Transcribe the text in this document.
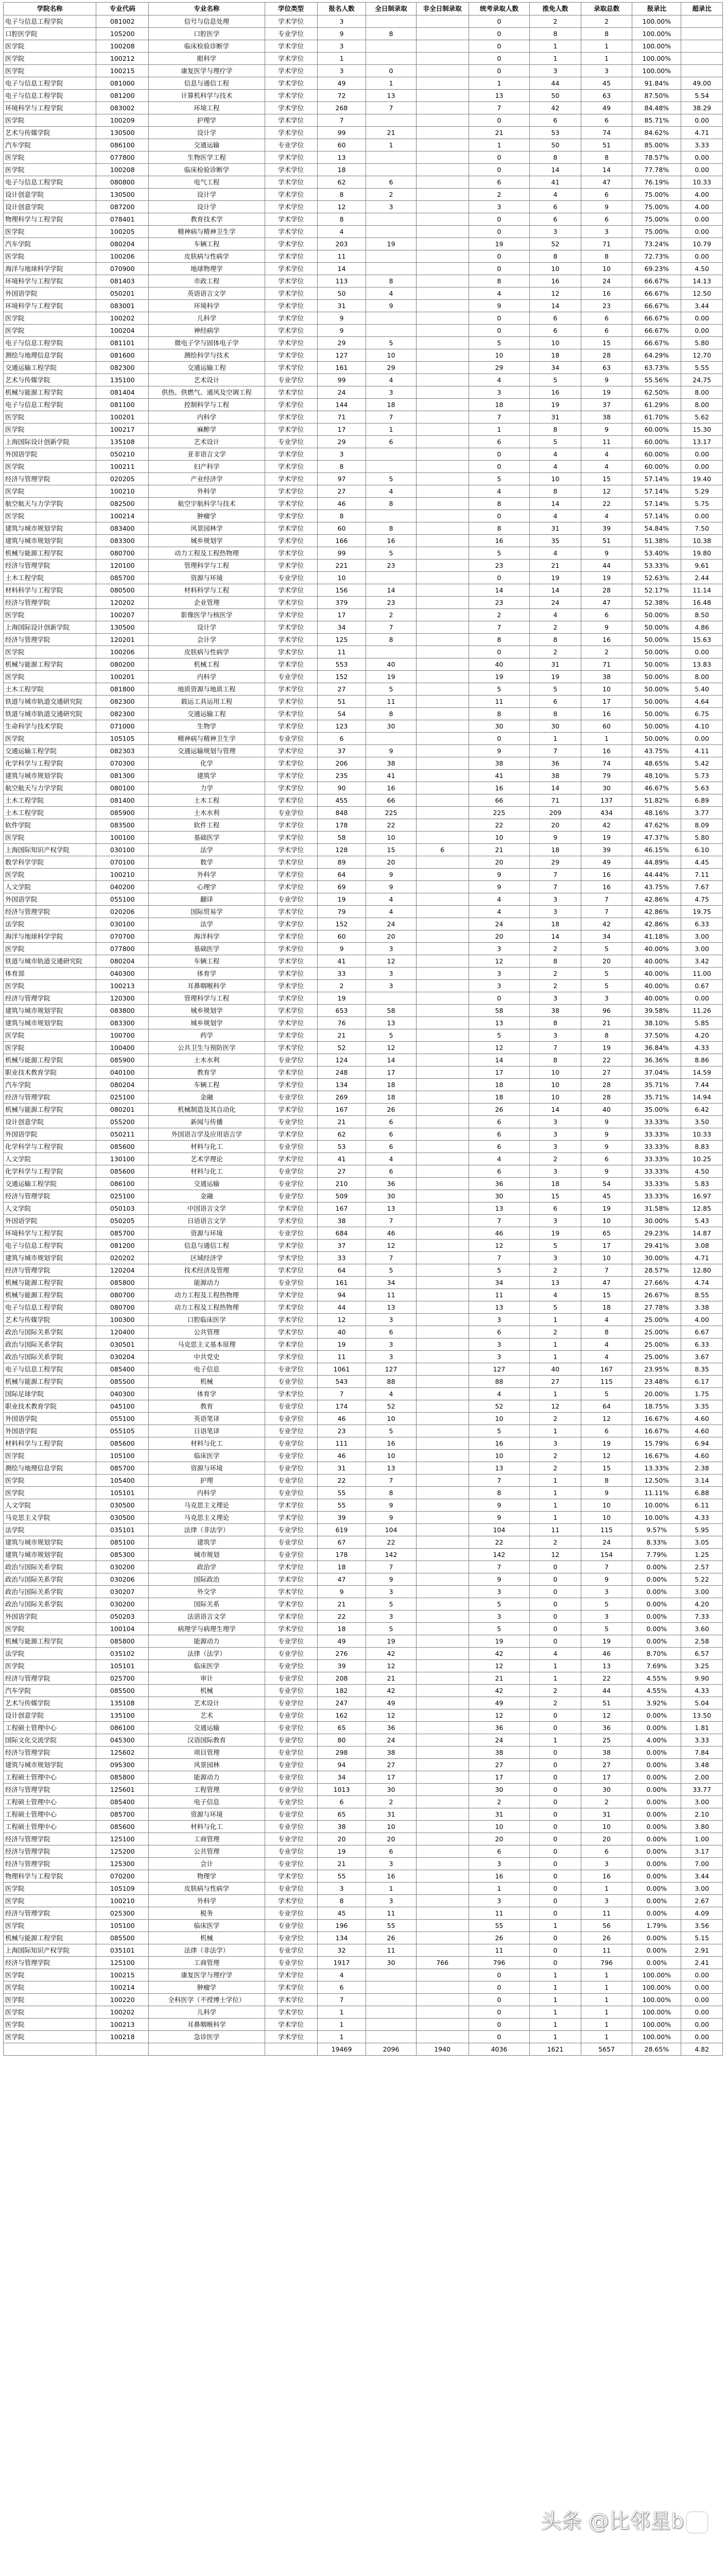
学院名称	专业代码	专业名称	学位类型	报名人数	全日制录取	非全日制录取	统考录取人数	推免人数	录取总数	报录比	超录比
电子与信息工程学院	081002	信号与信息处理	学术学位	3			0	2	2	100.00%	
口腔医学院	105200	口腔医学	专业学位	9	8		0	8	8	100.00%	
医学院	100208	临床检验诊断学	学术学位	3			0	1	1	100.00%	
医学院	100212	眼科学	学术学位	1			0	1	1	100.00%	
医学院	100215	康复医学与理疗学	学术学位	3	0		0	3	3	100.00%	
电子与信息工程学院	081000	信息与通信工程	学术学位	49	1		1	44	45	91.84%	49.00
电子与信息工程学院	081200	计算机科学与技术	学术学位	72	13		13	50	63	87.50%	5.54
环境科学与工程学院	083002	环境工程	学术学位	268	7		7	42	49	84.48%	38.29
医学院	100209	护理学	学术学位	7			0	6	6	85.71%	0.00
艺术与传媒学院	130500	设计学	学术学位	99	21		21	53	74	84.62%	4.71
汽车学院	086100	交通运输	专业学位	60	1		1	50	51	85.00%	3.33
医学院	077800	生物医学工程	学术学位	13			0	8	8	78.57%	0.00
医学院	100208	临床检验诊断学	学术学位	18			0	14	14	77.78%	0.00
电子与信息工程学院	080800	电气工程	学术学位	62	6		6	41	47	76.19%	10.33
设计创意学院	130500	设计学	学术学位	8	2		2	4	6	75.00%	4.00
设计创意学院	087200	设计学	学术学位	12	3		3	6	9	75.00%	4.00
物理科学与工程学院	078401	教育技术学	学术学位	8			0	6	6	75.00%	0.00
医学院	100205	精神病与精神卫生学	学术学位	4			0	3	3	75.00%	0.00
汽车学院	080204	车辆工程	学术学位	203	19		19	52	71	73.24%	10.79
医学院	100206	皮肤病与性病学	学术学位	11			0	8	8	72.73%	0.00
海洋与地球科学学院	070900	地球物理学	学术学位	14			0	10	10	69.23%	4.50
环境科学与工程学院	081403	市政工程	学术学位	113	8		8	16	24	66.67%	14.13
外国语学院	050201	英语语言文学	学术学位	50	4		4	12	16	66.67%	12.50
环境科学与工程学院	083001	环境科学	学术学位	31	9		9	14	23	66.67%	3.44
医学院	100202	儿科学	学术学位	9			0	6	6	66.67%	0.00
医学院	100204	神经病学	学术学位	9			0	6	6	66.67%	0.00
电子与信息工程学院	081101	微电子学与固体电子学	学术学位	29	5		5	10	15	66.67%	5.80
测绘与地理信息学院	081600	测绘科学与技术	学术学位	127	10		10	18	28	64.29%	12.70
交通运输工程学院	082300	交通运输工程	学术学位	161	29		29	34	63	63.73%	5.55
艺术与传媒学院	135100	艺术设计	专业学位	99	4		4	5	9	55.56%	24.75
机械与能源工程学院	081404	供热、供燃气、通风及空调工程	学术学位	24	3		3	16	19	62.50%	8.00
电子与信息工程学院	081100	控制科学与工程	学术学位	144	18		18	19	37	61.29%	8.00
医学院	100201	内科学	学术学位	71	7		7	31	38	61.70%	5.62
医学院	100217	麻醉学	学术学位	17	1		1	8	9	60.00%	15.30
上海国际设计创新学院	135108	艺术设计	专业学位	29	6		6	5	11	60.00%	13.17
外国语学院	050210	亚非语言文学	学术学位	3			0	4	4	60.00%	0.00
医学院	100211	妇产科学	学术学位	8			0	4	4	60.00%	0.00
经济与管理学院	020205	产业经济学	学术学位	97	5		5	10	15	57.14%	19.40
医学院	100210	外科学	学术学位	27	4		4	8	12	57.14%	5.29
航空航天与力学学院	082500	航空宇航科学与技术	学术学位	46	8		8	14	22	57.14%	5.75
医学院	100214	肿瘤学	学术学位	8			0	4	4	57.14%	0.00
建筑与城市规划学院	083400	风景园林学	学术学位	60	8		8	31	39	54.84%	7.50
建筑与城市规划学院	083300	城乡规划学	学术学位	166	16		16	35	51	51.38%	10.38
机械与能源工程学院	080700	动力工程及工程热物理	学术学位	99	5		5	4	9	53.40%	19.80
经济与管理学院	120100	管理科学与工程	学术学位	221	23		23	21	44	53.33%	9.61
土木工程学院	085700	资源与环境	专业学位	10			0	19	19	52.63%	2.44
材料科学与工程学院	080500	材料科学与工程	学术学位	156	14		14	14	28	52.17%	11.14
经济与管理学院	120202	企业管理	学术学位	379	23		23	24	47	52.38%	16.48
医学院	100207	影像医学与核医学	学术学位	17	2		2	4	6	50.00%	8.50
上海国际设计创新学院	130500	设计学	学术学位	34	7		7	2	9	50.00%	4.86
经济与管理学院	120201	会计学	学术学位	125	8		8	8	16	50.00%	15.63
医学院	100206	皮肤病与性病学	学术学位	11			0	2	2	50.00%	0.00
机械与能源工程学院	080200	机械工程	学术学位	553	40		40	31	71	50.00%	13.83
医学院	100201	内科学	专业学位	152	19		19	19	38	50.00%	8.00
土木工程学院	081800	地质资源与地质工程	学术学位	27	5		5	5	10	50.00%	5.40
铁道与城市轨道交通研究院	082300	载运工具运用工程	学术学位	51	11		11	6	17	50.00%	4.64
铁道与城市轨道交通研究院	082300	交通运输工程	学术学位	54	8		8	8	16	50.00%	6.75
生命科学与技术学院	071000	生物学	学术学位	123	30		30	30	60	50.00%	4.10
医学院	105105	精神病与精神卫生学	专业学位	6			0	1	1	50.00%	0.00
交通运输工程学院	082303	交通运输规划与管理	学术学位	37	9		9	7	16	43.75%	4.11
化学科学与工程学院	070300	化学	学术学位	206	38		38	36	74	48.65%	5.42
建筑与城市规划学院	081300	建筑学	学术学位	235	41		41	38	79	48.10%	5.73
航空航天与力学学院	080100	力学	学术学位	90	16		16	14	30	46.67%	5.63
土木工程学院	081400	土木工程	学术学位	455	66		66	71	137	51.82%	6.89
土木工程学院	085900	土木水利	专业学位	848	225		225	209	434	48.16%	3.77
软件学院	083500	软件工程	学术学位	178	22		22	20	42	47.62%	8.09
医学院	100100	基础医学	学术学位	58	10		10	9	19	47.37%	5.80
上海国际知识产权学院	030100	法学	学术学位	128	15	6	21	18	39	46.15%	6.10
数学科学学院	070100	数学	学术学位	89	20		20	29	49	44.89%	4.45
医学院	100210	外科学	学术学位	64	9		9	7	16	44.44%	7.11
人文学院	040200	心理学	学术学位	69	9		9	7	16	43.75%	7.67
外国语学院	055100	翻译	专业学位	19	4		4	3	7	42.86%	4.75
经济与管理学院	020206	国际贸易学	学术学位	79	4		4	3	7	42.86%	19.75
法学院	030100	法学	学术学位	152	24		24	18	42	42.86%	6.33
海洋与地球科学学院	070700	海洋科学	学术学位	60	20		20	14	34	41.18%	3.00
医学院	077800	基础医学	学术学位	9	3		3	2	5	40.00%	3.00
铁道与城市轨道交通研究院	080204	车辆工程	学术学位	41	12		12	8	20	40.00%	3.42
体育部	040300	体育学	学术学位	33	3		3	2	5	40.00%	11.00
医学院	100213	耳鼻咽喉科学	学术学位	2	3		3	2	5	40.00%	0.67
经济与管理学院	120300	管理科学与工程	学术学位	19			0	3	3	40.00%	0.00
建筑与城市规划学院	083800	城乡规划学	学术学位	653	58		58	38	96	39.58%	11.26
建筑与城市规划学院	083300	城乡规划学	学术学位	76	13		13	8	21	38.10%	5.85
医学院	100700	药学	学术学位	21	5		5	3	8	37.50%	4.20
医学院	100400	公共卫生与预防医学	学术学位	52	12		12	7	19	36.84%	4.33
机械与能源工程学院	085900	土木水利	专业学位	124	14		14	8	22	36.36%	8.86
职业技术教育学院	040100	教育学	学术学位	248	17		17	10	27	37.04%	14.59
汽车学院	080204	车辆工程	学术学位	134	18		18	10	28	35.71%	7.44
经济与管理学院	025100	金融	专业学位	269	18		18	10	28	35.71%	14.94
机械与能源工程学院	080201	机械制造及其自动化	学术学位	167	26		26	14	40	35.00%	6.42
设计创意学院	055200	新闻与传播	专业学位	21	6		6	3	9	33.33%	3.50
外国语学院	050211	外国语言学及应用语言学	学术学位	62	6		6	3	9	33.33%	10.33
化学科学与工程学院	085600	材料与化工	专业学位	53	6		6	3	9	33.33%	8.83
人文学院	130100	艺术学理论	学术学位	41	4		4	2	6	33.33%	10.25
化学科学与工程学院	085600	材料与化工	专业学位	27	6		6	3	9	33.33%	4.50
交通运输工程学院	086100	交通运输	专业学位	210	36		36	18	54	33.33%	5.83
经济与管理学院	025100	金融	专业学位	509	30		30	15	45	33.33%	16.97
人文学院	050103	中国语言文学	学术学位	167	13		13	6	19	31.58%	12.85
外国语学院	050205	日语语言文学	学术学位	38	7		7	3	10	30.00%	5.43
环境科学与工程学院	085700	资源与环境	专业学位	684	46		46	19	65	29.23%	14.87
电子与信息工程学院	081200	信息与通信工程	学术学位	37	12		12	5	17	29.41%	3.08
建筑与城市规划学院	020202	区域经济学	学术学位	33	7		7	3	10	30.00%	4.71
经济与管理学院	120204	技术经济及管理	学术学位	64	5		5	2	7	28.57%	12.80
机械与能源工程学院	085800	能源动力	专业学位	161	34		34	13	47	27.66%	4.74
机械与能源工程学院	080700	动力工程及工程热物理	学术学位	94	11		11	4	15	26.67%	8.55
电子与信息工程学院	080700	动力工程及工程热物理	学术学位	44	13		13	5	18	27.78%	3.38
艺术与传媒学院	100300	口腔临床医学	学术学位	12	3		3	1	4	25.00%	4.00
政治与国际关系学院	120400	公共管理	学术学位	40	6		6	2	8	25.00%	6.67
政治与国际关系学院	030501	马克思主义基本原理	学术学位	19	3		3	1	4	25.00%	6.33
政治与国际关系学院	030204	中共党史	学术学位	11	3		3	1	4	25.00%	3.67
电子与信息工程学院	085400	电子信息	专业学位	1061	127		127	40	167	23.95%	8.35
机械与能源工程学院	085500	机械	专业学位	543	88		88	27	115	23.48%	6.17
国际足球学院	040300	体育学	学术学位	7	4		4	1	5	20.00%	1.75
职业技术教育学院	045100	教育	专业学位	174	52		52	12	64	18.75%	3.35
外国语学院	055100	英语笔译	专业学位	46	10		10	2	12	16.67%	4.60
外国语学院	055105	日语笔译	专业学位	23	5		5	1	6	16.67%	4.60
材料科学与工程学院	085600	材料与化工	专业学位	111	16		16	3	19	15.79%	6.94
医学院	105100	临床医学	专业学位	46	10		10	2	12	16.67%	4.60
测绘与地理信息学院	085700	资源与环境	专业学位	31	13		13	2	15	13.33%	2.38
医学院	105400	护理	专业学位	22	7		7	1	8	12.50%	3.14
医学院	105101	内科学	专业学位	55	8		8	1	9	11.11%	6.88
人文学院	030500	马克思主义理论	学术学位	55	9		9	1	10	10.00%	6.11
马克思主义学院	030500	马克思主义理论	学术学位	39	9		9	1	10	10.00%	4.33
法学院	035101	法律（非法学）	专业学位	619	104		104	11	115	9.57%	5.95
建筑与城市规划学院	085100	建筑学	专业学位	67	22		22	2	24	8.33%	3.05
建筑与城市规划学院	085300	城市规划	专业学位	178	142		142	12	154	7.79%	1.25
政治与国际关系学院	030200	政治学	学术学位	18	7		7	0	7	0.00%	2.57
政治与国际关系学院	030206	国际政治	学术学位	47	9		9	0	9	0.00%	5.22
政治与国际关系学院	030207	外交学	学术学位	9	3		3	0	3	0.00%	3.00
政治与国际关系学院	030200	国际关系	学术学位	21	5		5	0	5	0.00%	4.20
外国语学院	050203	法语语言文学	学术学位	22	3		3	0	3	0.00%	7.33
医学院	100104	病理学与病理生理学	学术学位	18	5		5	0	5	0.00%	3.60
机械与能源工程学院	085800	能源动力	专业学位	49	19		19	0	19	0.00%	2.58
法学院	035102	法律（法学）	专业学位	276	42		42	4	46	8.70%	6.57
医学院	105101	临床医学	专业学位	39	12		12	1	13	7.69%	3.25
经济与管理学院	025700	审计	专业学位	208	21		21	1	22	4.55%	9.90
汽车学院	085500	机械	专业学位	182	42		42	2	44	4.55%	4.33
艺术与传媒学院	135108	艺术设计	专业学位	247	49		49	2	51	3.92%	5.04
设计创意学院	135100	艺术	专业学位	162	12		12	0	12	0.00%	13.50
工程硕士管理中心	086100	交通运输	专业学位	65	36		36	0	36	0.00%	1.81
国际文化交流学院	045300	汉语国际教育	专业学位	80	24		24	1	25	4.00%	3.33
经济与管理学院	125602	项目管理	专业学位	298	38		38	0	38	0.00%	7.84
建筑与城市规划学院	095300	风景园林	专业学位	94	27		27	0	27	0.00%	3.48
工程硕士管理中心	085800	能源动力	专业学位	34	17		17	0	17	0.00%	2.00
经济与管理学院	125601	工程管理	专业学位	1013	30		30	0	30	0.00%	33.77
工程硕士管理中心	085400	电子信息	专业学位	6	2		2	0	2	0.00%	3.00
工程硕士管理中心	085700	资源与环境	专业学位	65	31		31	0	31	0.00%	2.10
工程硕士管理中心	085600	材料与化工	专业学位	38	10		10	0	10	0.00%	3.80
经济与管理学院	125100	工商管理	专业学位	20	20		20	0	20	0.00%	1.00
经济与管理学院	125200	公共管理	专业学位	19	6		6	0	6	0.00%	3.17
经济与管理学院	125300	会计	专业学位	21	3		3	0	3	0.00%	7.00
物理科学与工程学院	070200	物理学	学术学位	55	16		16	0	16	0.00%	3.44
医学院	105109	皮肤病与性病学	专业学位	3	1		1	0	1	0.00%	3.00
医学院	100210	外科学	学术学位	8	3		3	0	3	0.00%	2.67
经济与管理学院	025300	税务	专业学位	45	11		11	0	11	0.00%	4.09
医学院	105100	临床医学	专业学位	196	55		55	1	56	1.79%	3.56
机械与能源工程学院	085500	机械	专业学位	134	26		26	0	26	0.00%	5.15
上海国际知识产权学院	035101	法律（非法学）	专业学位	32	11		11	0	11	0.00%	2.91
经济与管理学院	125100	工商管理	专业学位	1917	30	766	796	0	796	0.00%	2.41
医学院	100215	康复医学与理疗学	学术学位	4			0	1	1	100.00%	0.00
医学院	100214	肿瘤学	学术学位	6			0	1	1	100.00%	0.00
医学院	100220	全科医学（不授博士学位）	学术学位	7			0	1	1	100.00%	0.00
医学院	100202	儿科学	学术学位	1			0	1	1	100.00%	0.00
医学院	100213	耳鼻咽喉科学	学术学位	1			0	1	1	100.00%	0.00
医学院	100218	急诊医学	学术学位	1			0	1	1	100.00%	0.00
				19469	2096	1940	4036	1621	5657	28.65%	4.82
头条 @比邻星b
